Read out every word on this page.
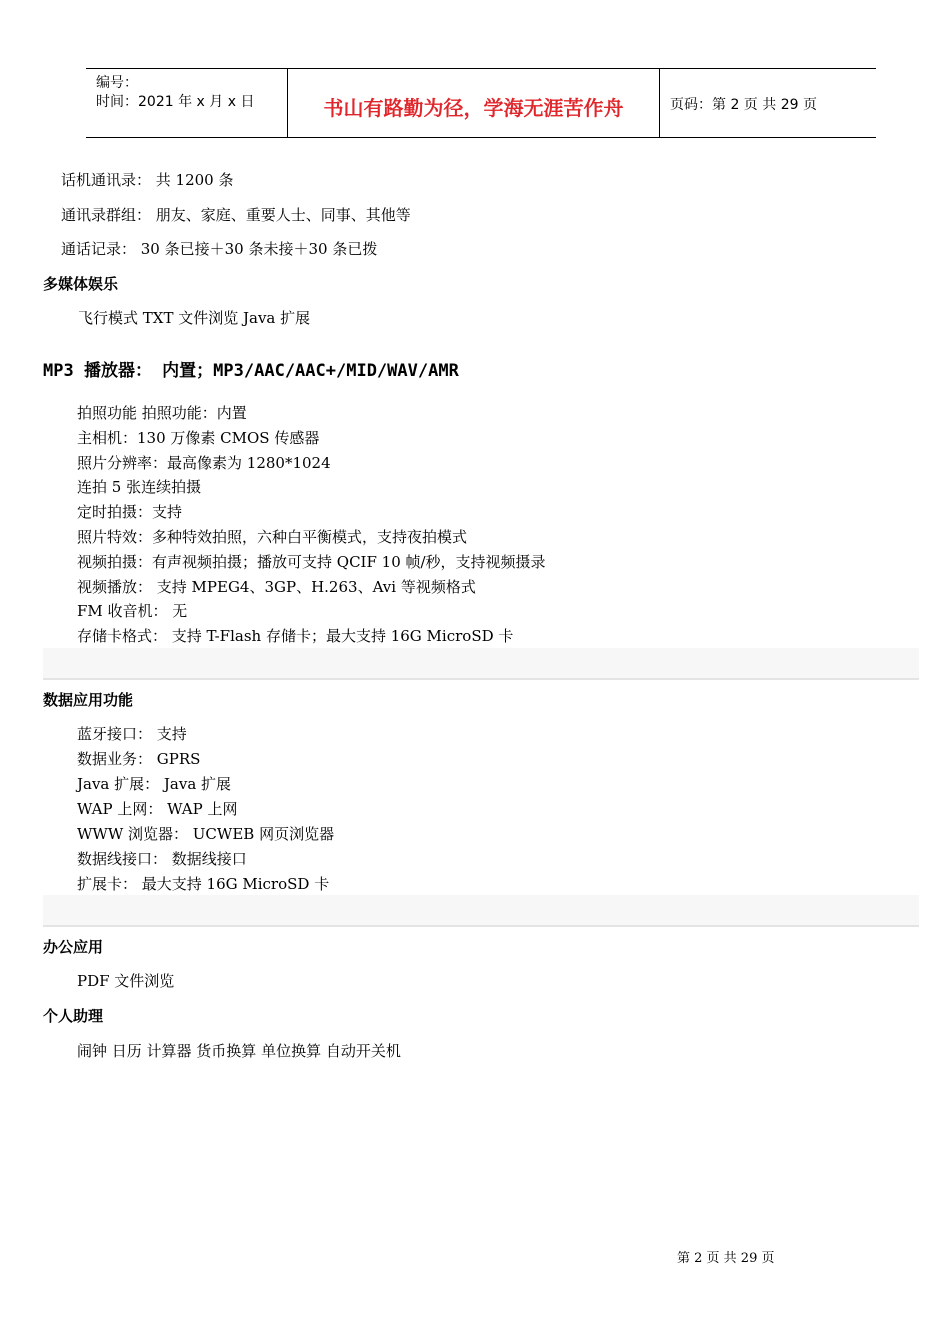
编号：
时间：2021 年 x 月 x 日	书山有路勤为径，学海无涯苦作舟	页码：第 2 页 共 29 页
话机通讯录： 共 1200 条
通讯录群组： 朋友、家庭、重要人士、同事、其他等
通话记录： 30 条已接＋30 条未接＋30 条已拨
多媒体娱乐
飞行模式 TXT 文件浏览 Java 扩展
MP3 播放器： 内置；MP3/AAC/AAC+/MID/WAV/AMR
拍照功能 拍照功能：内置
主相机：130 万像素 CMOS 传感器
照片分辨率：最高像素为 1280*1024
连拍 5 张连续拍摄
定时拍摄：支持
照片特效：多种特效拍照，六种白平衡模式，支持夜拍模式
视频拍摄：有声视频拍摄；播放可支持 QCIF 10 帧/秒，支持视频摄录
视频播放： 支持 MPEG4、3GP、H.263、Avi 等视频格式
FM 收音机： 无
存储卡格式： 支持 T-Flash 存储卡；最大支持 16G MicroSD 卡
数据应用功能
蓝牙接口： 支持
数据业务： GPRS
Java 扩展： Java 扩展
WAP 上网： WAP 上网
WWW 浏览器： UCWEB 网页浏览器
数据线接口： 数据线接口
扩展卡： 最大支持 16G MicroSD 卡
办公应用
PDF 文件浏览
个人助理
闹钟 日历 计算器 货币换算 单位换算 自动开关机
第 2 页 共 29 页
